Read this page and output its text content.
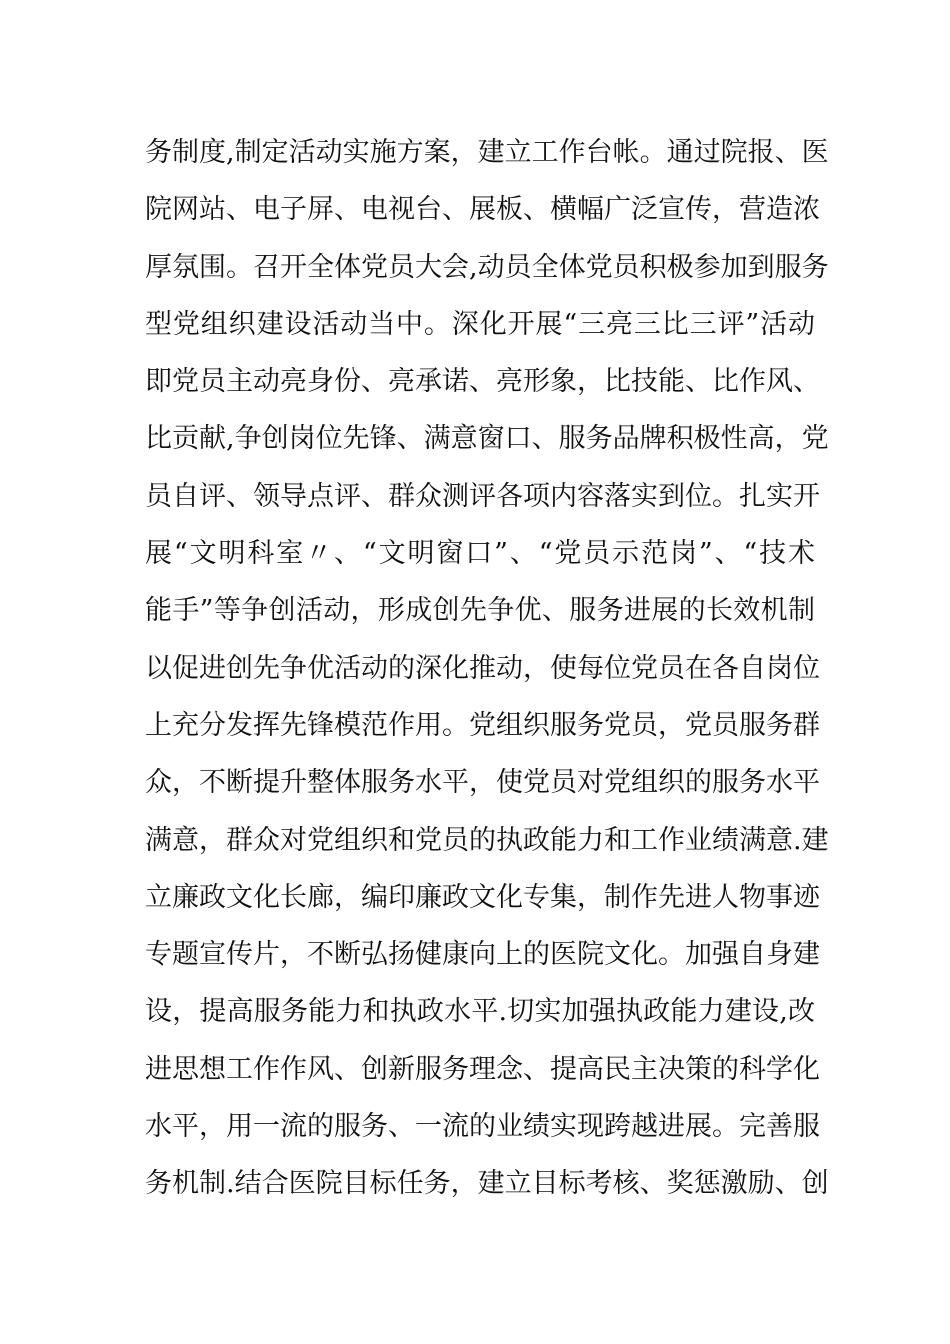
务制度,制定活动实施方案，建立工作台帐。通过院报、医
院网站、电子屏、电视台、展板、横幅广泛宣传，营造浓
厚氛围。召开全体党员大会,动员全体党员积极参加到服务
型党组织建设活动当中。深化开展“三亮三比三评”活动
即党员主动亮身份、亮承诺、亮形象，比技能、比作风、
比贡献,争创岗位先锋、满意窗口、服务品牌积极性高，党
员自评、领导点评、群众测评各项内容落实到位。扎实开
展“文明科室〃、“文明窗口”、“党员示范岗”、“技术
能手”等争创活动，形成创先争优、服务进展的长效机制
以促进创先争优活动的深化推动，使每位党员在各自岗位
上充分发挥先锋模范作用。党组织服务党员，党员服务群
众，不断提升整体服务水平，使党员对党组织的服务水平
满意，群众对党组织和党员的执政能力和工作业绩满意.建
立廉政文化长廊，编印廉政文化专集，制作先进人物事迹
专题宣传片，不断弘扬健康向上的医院文化。加强自身建
设，提高服务能力和执政水平.切实加强执政能力建设,改
进思想工作作风、创新服务理念、提高民主决策的科学化
水平，用一流的服务、一流的业绩实现跨越进展。完善服
务机制.结合医院目标任务，建立目标考核、奖惩激励、创
